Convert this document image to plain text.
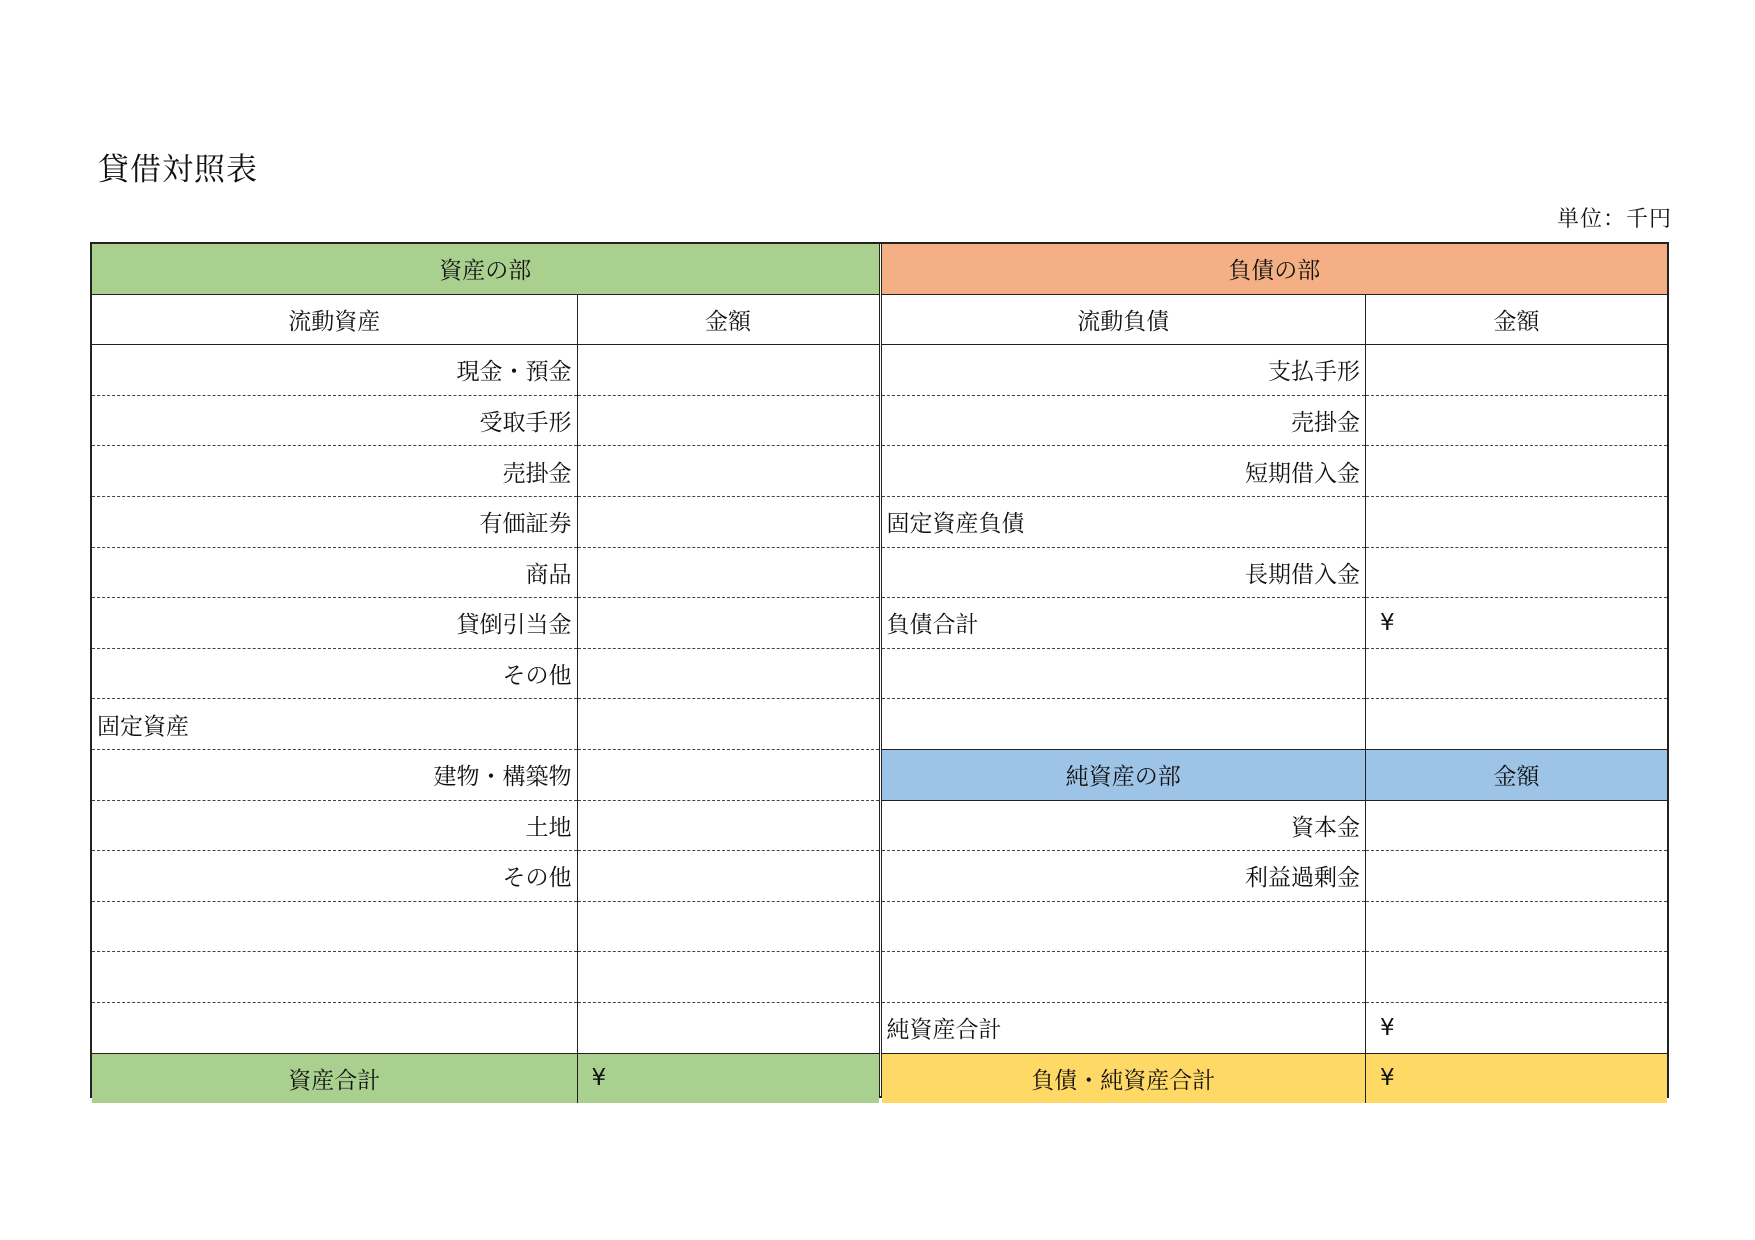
貸借対照表
単位：千円
資産の部	
流動資産	金額
現金・預金	
受取手形	
売掛金	
有価証券	
商品	
貸倒引当金	
その他	
固定資産	
建物・構築物	
土地	
その他	

資産合計	¥
負債の部	
流動負債	金額
支払手形	
売掛金	
短期借入金	
固定資産負債	
長期借入金	
負債合計	¥

純資産の部	金額
資本金	
利益過剰金	

純資産合計	¥
負債・純資産合計	¥
